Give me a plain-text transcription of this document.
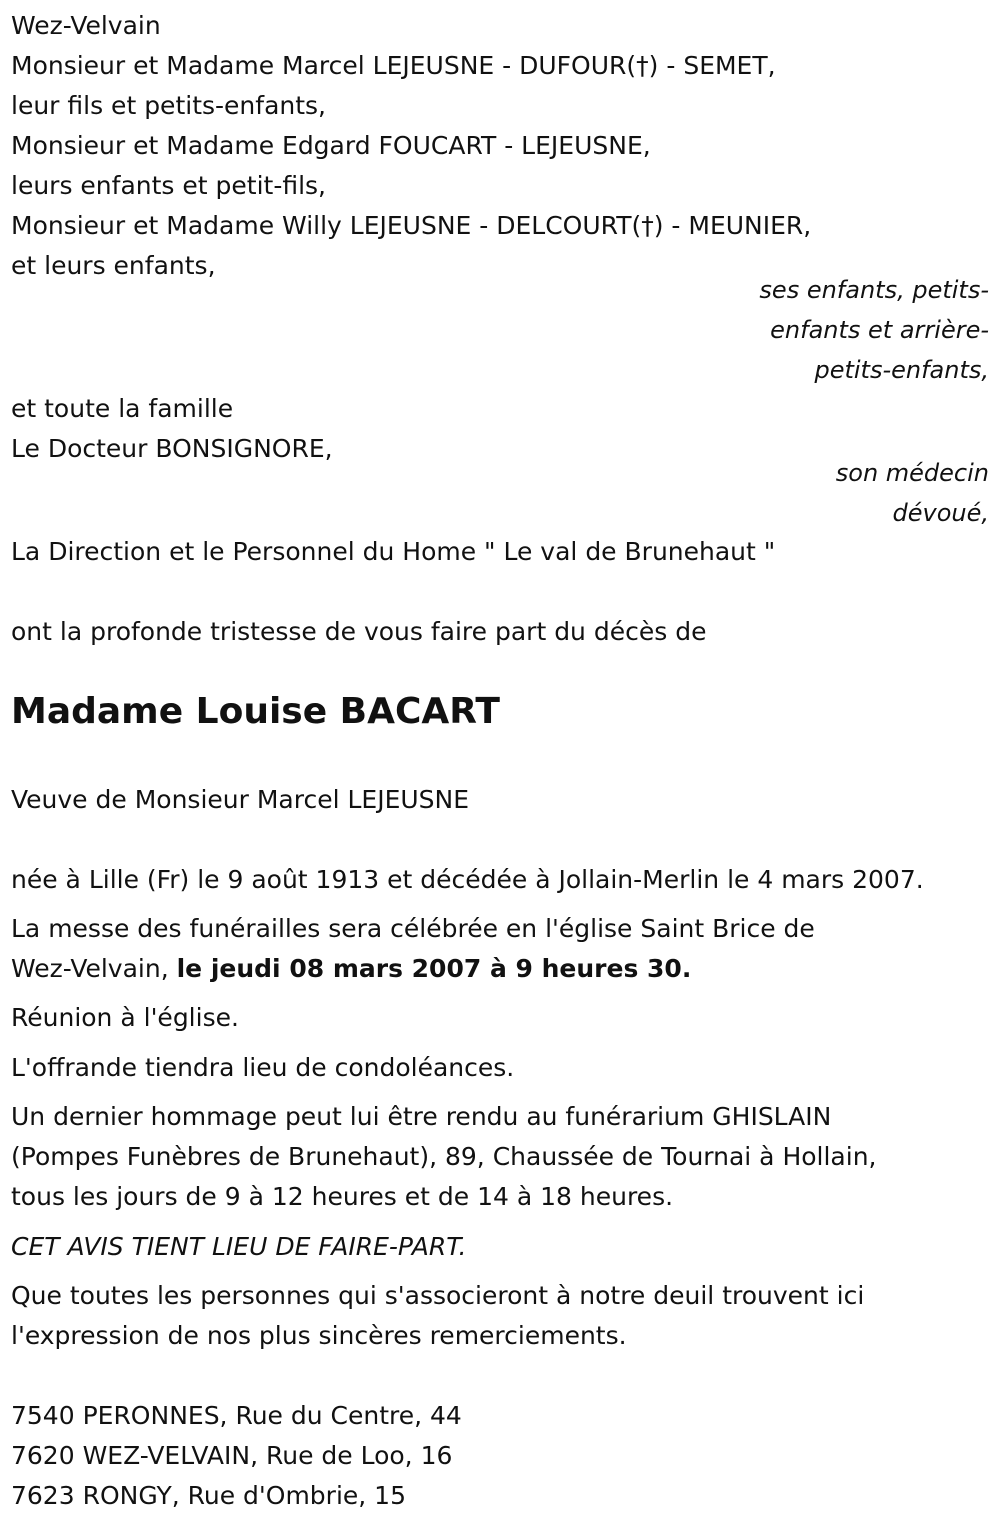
Wez-Velvain
Monsieur et Madame Marcel LEJEUSNE - DUFOUR(†) - SEMET,
leur fils et petits-enfants,
Monsieur et Madame Edgard FOUCART - LEJEUSNE,
leurs enfants et petit-fils,
Monsieur et Madame Willy LEJEUSNE - DELCOURT(†) - MEUNIER,
et leurs enfants,
ses enfants, petits-
enfants et arrière-
petits-enfants,
et toute la famille
Le Docteur BONSIGNORE,
son médecin
dévoué,
La Direction et le Personnel du Home " Le val de Brunehaut "
ont la profonde tristesse de vous faire part du décès de
Madame Louise BACART
Veuve de Monsieur Marcel LEJEUSNE
née à Lille (Fr) le 9 août 1913 et décédée à Jollain-Merlin le 4 mars 2007.
La messe des funérailles sera célébrée en l'église Saint Brice de
Wez-Velvain, le jeudi 08 mars 2007 à 9 heures 30.
Réunion à l'église.
L'offrande tiendra lieu de condoléances.
Un dernier hommage peut lui être rendu au funérarium GHISLAIN
(Pompes Funèbres de Brunehaut), 89, Chaussée de Tournai à Hollain,
tous les jours de 9 à 12 heures et de 14 à 18 heures.
CET AVIS TIENT LIEU DE FAIRE-PART.
Que toutes les personnes qui s'associeront à notre deuil trouvent ici
l'expression de nos plus sincères remerciements.
7540 PERONNES, Rue du Centre, 44
7620 WEZ-VELVAIN, Rue de Loo, 16
7623 RONGY, Rue d'Ombrie, 15
